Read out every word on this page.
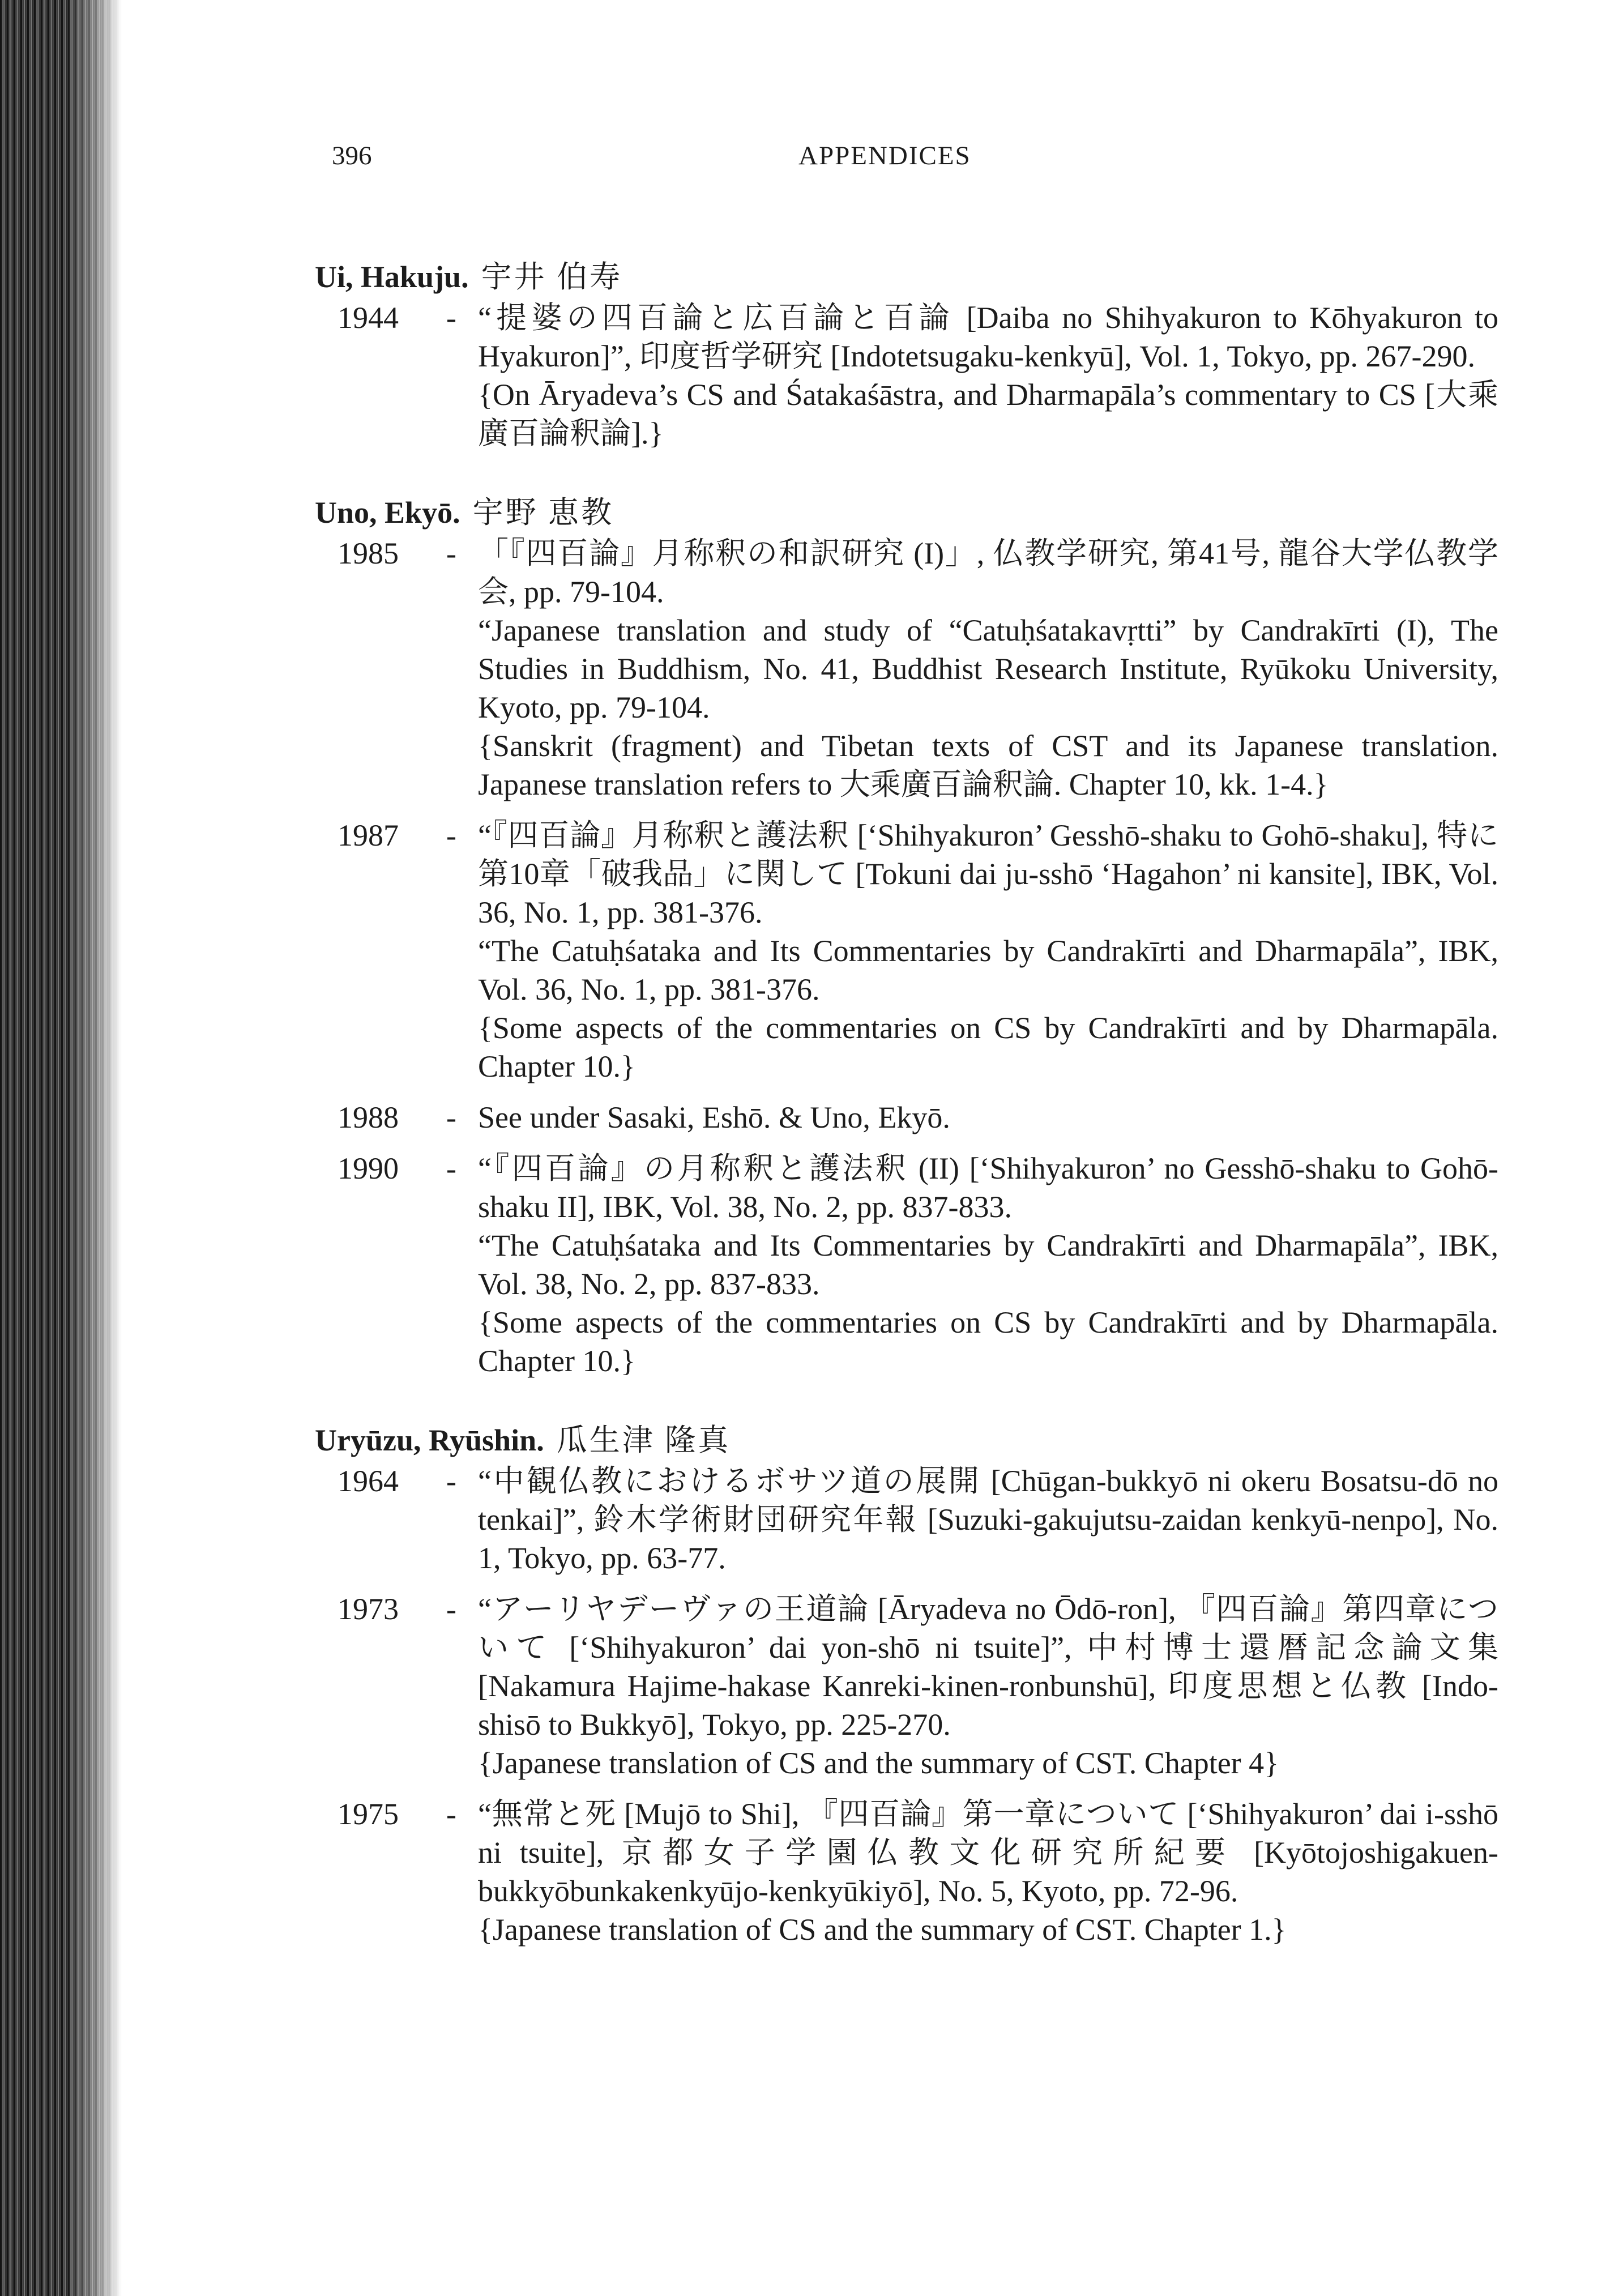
396	APPENDICES

Ui, Hakuju. 宇井 伯寿

1944	- “提婆の四百論と広百論と百論 [Daiba no Shihyakuron to Kōhyakuron to Hyakuron]”, 印度哲学研究 [Indotetsugaku-kenkyū], Vol. 1, Tokyo, pp. 267-290.

{On Āryadeva’s CS and Śatakaśāstra, and Dharmapāla’s commentary to CS [大乘廣百論釈論].}

Uno, Ekyō. 宇野 恵教

1985	- 「『四百論』月称釈の和訳研究 (I)」, 仏教学研究, 第41号, 龍谷大学仏教学会, pp. 79-104.

“Japanese translation and study of “Catuḥśatakavṛtti” by Candrakīrti (I), The Studies in Buddhism, No. 41, Buddhist Research Institute, Ryūkoku University, Kyoto, pp. 79-104.

{Sanskrit (fragment) and Tibetan texts of CST and its Japanese translation. Japanese translation refers to 大乘廣百論釈論. Chapter 10, kk. 1-4.}

1987	- “『四百論』月称釈と護法釈 [‘Shihyakuron’ Gesshō-shaku to Gohō-shaku], 特に第10章「破我品」に関して [Tokuni dai ju-sshō ‘Hagahon’ ni kansite], IBK, Vol. 36, No. 1, pp. 381-376.

“The Catuḥśataka and Its Commentaries by Candrakīrti and Dharmapāla”, IBK, Vol. 36, No. 1, pp. 381-376.

{Some aspects of the commentaries on CS by Candrakīrti and by Dharmapāla. Chapter 10.}

1988	- See under Sasaki, Eshō. & Uno, Ekyō.

1990	- “『四百論』の月称釈と護法釈 (II) [‘Shihyakuron’ no Gesshō-shaku to Gohō-shaku II], IBK, Vol. 38, No. 2, pp. 837-833.

“The Catuḥśataka and Its Commentaries by Candrakīrti and Dharmapāla”, IBK, Vol. 38, No. 2, pp. 837-833.

{Some aspects of the commentaries on CS by Candrakīrti and by Dharmapāla. Chapter 10.}

Uryūzu, Ryūshin. 瓜生津 隆真

1964	- “中観仏教におけるボサツ道の展開 [Chūgan-bukkyō ni okeru Bosatsu-dō no tenkai]”, 鈴木学術財団研究年報 [Suzuki-gakujutsu-zaidan kenkyū-nenpo], No. 1, Tokyo, pp. 63-77.

1973	- “アーリヤデーヴァの王道論 [Āryadeva no Ōdō-ron], 『四百論』第四章について [‘Shihyakuron’ dai yon-shō ni tsuite]”, 中村博士還暦記念論文集 [Nakamura Hajime-hakase Kanreki-kinen-ronbunshū], 印度思想と仏教 [Indo-shisō to Bukkyō], Tokyo, pp. 225-270.

{Japanese translation of CS and the summary of CST. Chapter 4}

1975	- “無常と死 [Mujō to Shi], 『四百論』第一章について [‘Shihyakuron’ dai i-sshō ni tsuite], 京都女子学園仏教文化研究所紀要 [Kyōtojoshigakuen-bukkyōbunkakenkyūjo-kenkyūkiyō], No. 5, Kyoto, pp. 72-96.

{Japanese translation of CS and the summary of CST. Chapter 1.}
